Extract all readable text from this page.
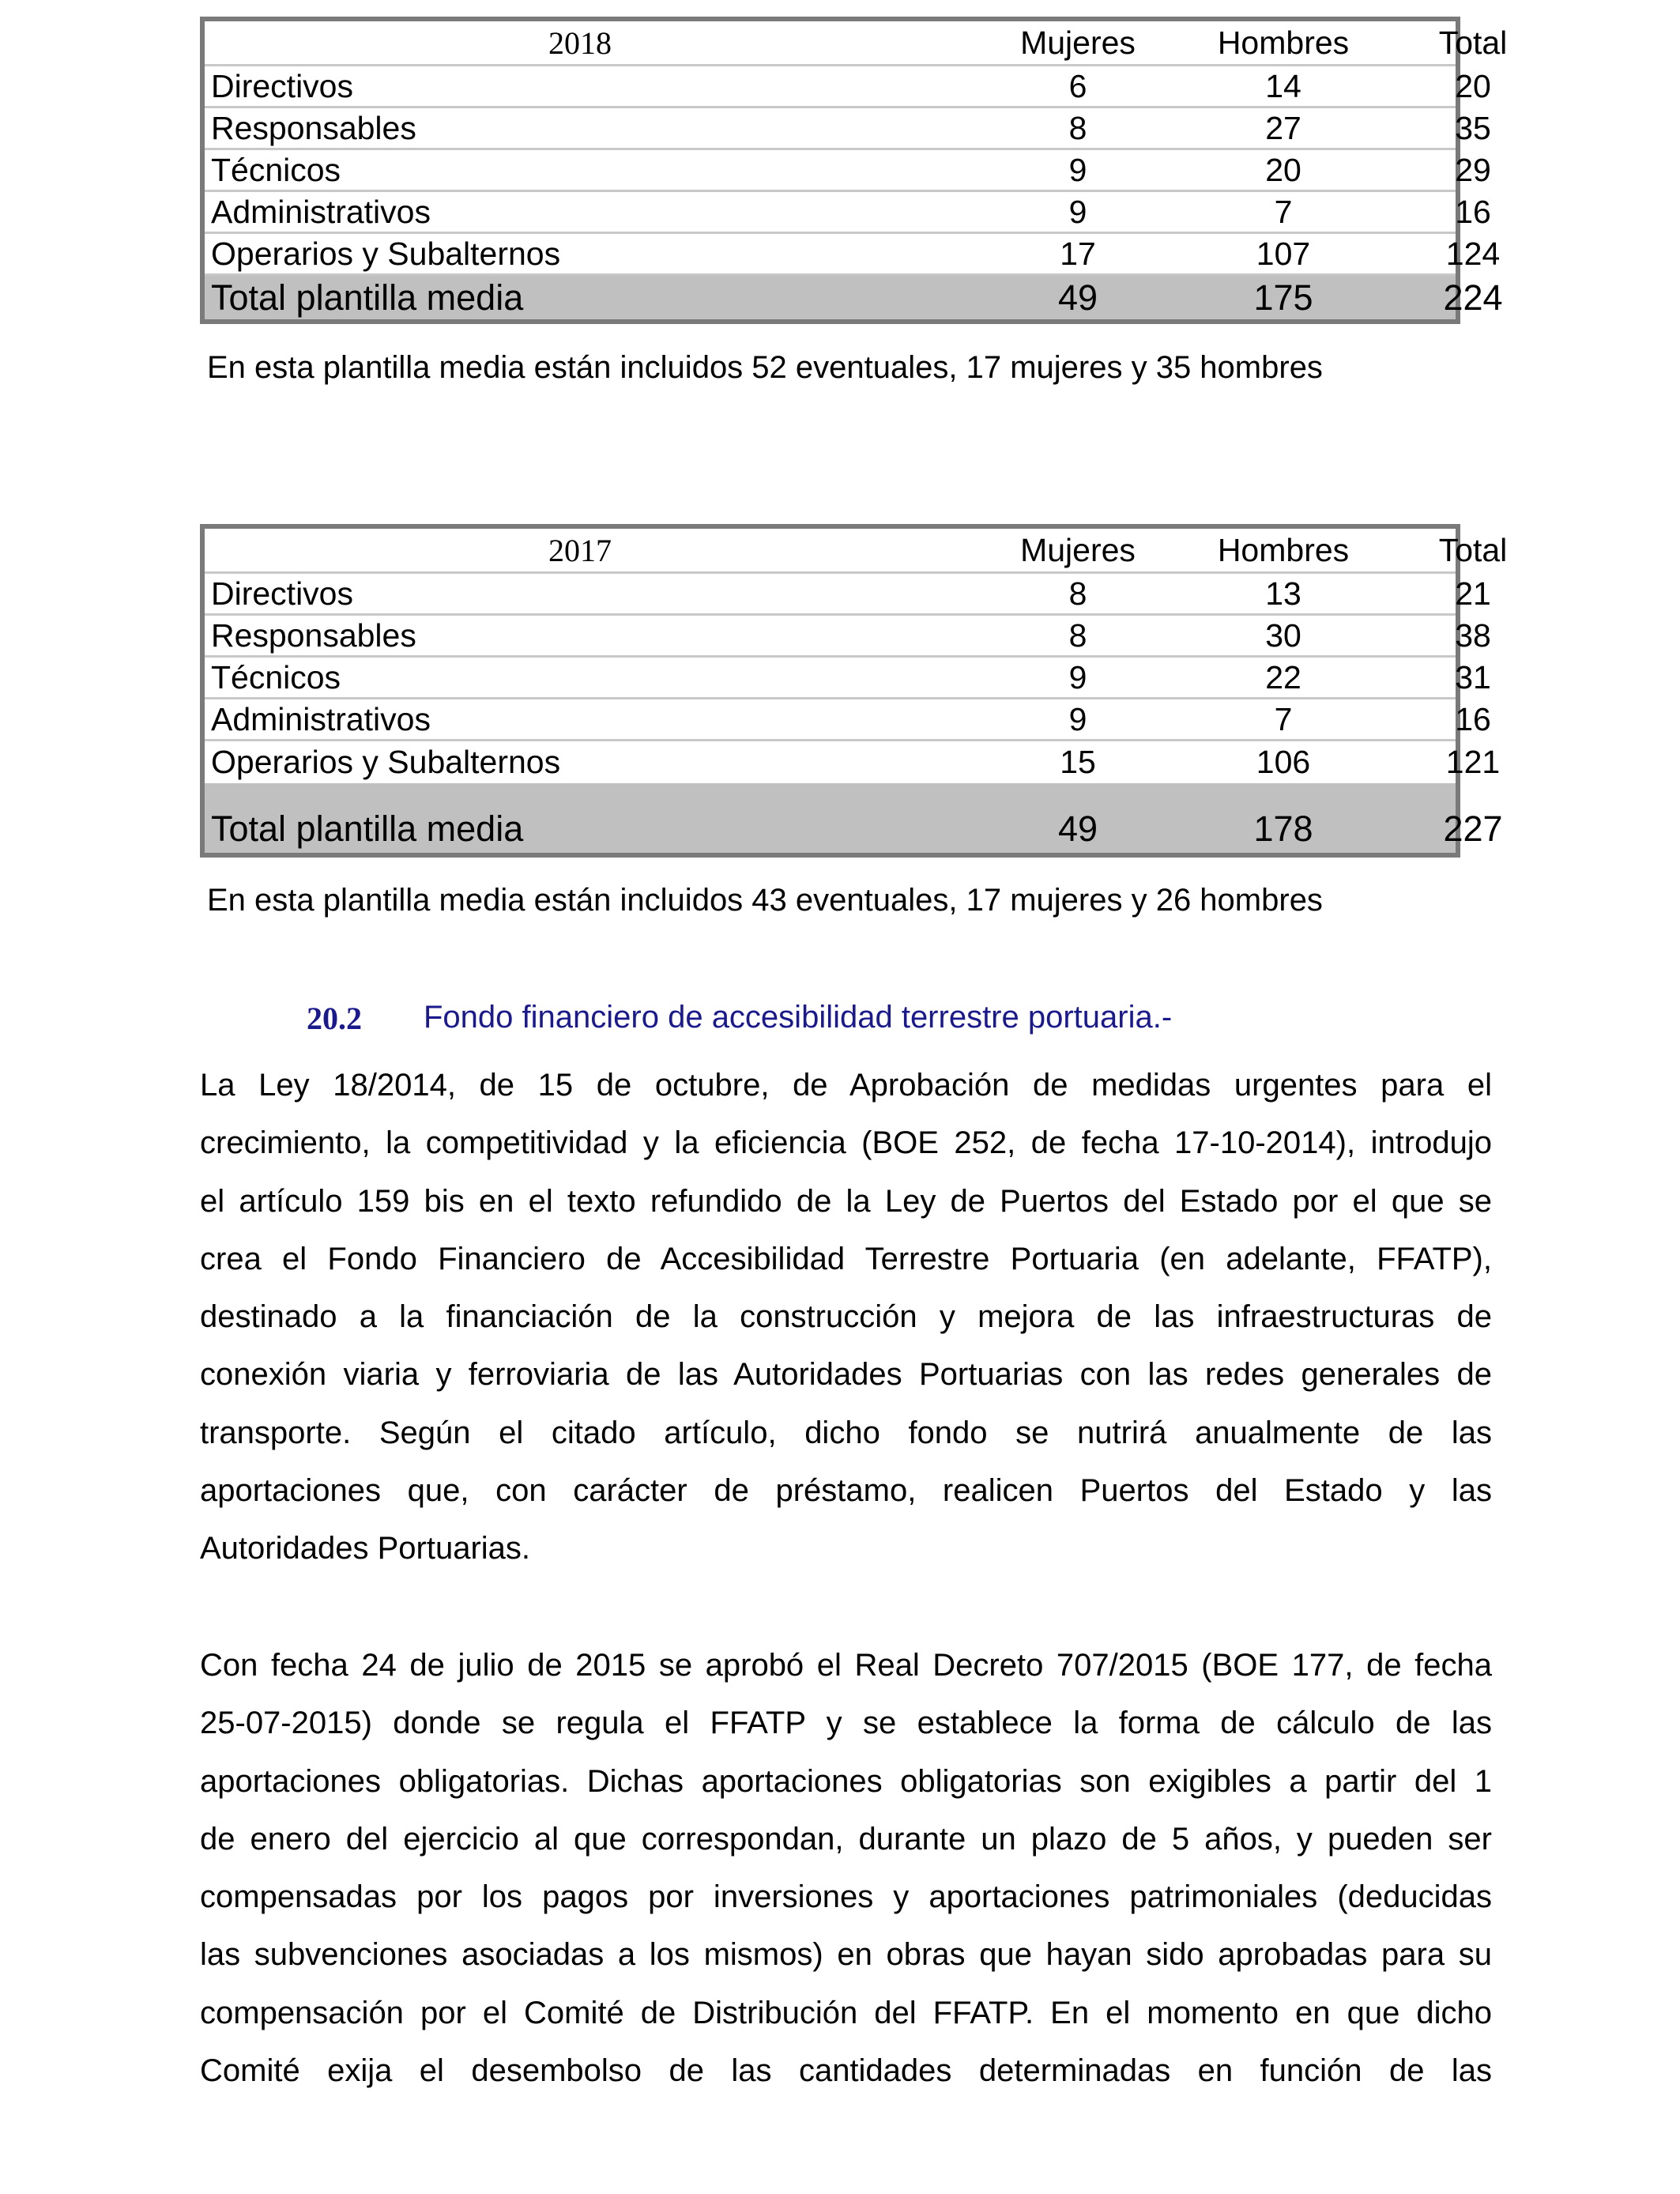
2018	Mujeres	Hombres	Total
Directivos	6	14	20
Responsables	8	27	35
Técnicos	9	20	29
Administrativos	9	7	16
Operarios y Subalternos	17	107	124
Total plantilla media	49	175	224
En esta plantilla media están incluidos 52 eventuales, 17 mujeres y 35 hombres
2017	Mujeres	Hombres	Total
Directivos	8	13	21
Responsables	8	30	38
Técnicos	9	22	31
Administrativos	9	7	16
Operarios y Subalternos	15	106	121
Total plantilla media	49	178	227
En esta plantilla media están incluidos 43 eventuales, 17 mujeres y 26 hombres
20.2 Fondo financiero de accesibilidad terrestre portuaria.-
La Ley 18/2014, de 15 de octubre, de Aprobación de medidas urgentes para el
crecimiento, la competitividad y la eficiencia (BOE 252, de fecha 17-10-2014), introdujo
el artículo 159 bis en el texto refundido de la Ley de Puertos del Estado por el que se
crea el Fondo Financiero de Accesibilidad Terrestre Portuaria (en adelante, FFATP),
destinado a la financiación de la construcción y mejora de las infraestructuras de
conexión viaria y ferroviaria de las Autoridades Portuarias con las redes generales de
transporte. Según el citado artículo, dicho fondo se nutrirá anualmente de las
aportaciones que, con carácter de préstamo, realicen Puertos del Estado y las
Autoridades Portuarias.
Con fecha 24 de julio de 2015 se aprobó el Real Decreto 707/2015 (BOE 177, de fecha
25-07-2015) donde se regula el FFATP y se establece la forma de cálculo de las
aportaciones obligatorias. Dichas aportaciones obligatorias son exigibles a partir del 1
de enero del ejercicio al que correspondan, durante un plazo de 5 años, y pueden ser
compensadas por los pagos por inversiones y aportaciones patrimoniales (deducidas
las subvenciones asociadas a los mismos) en obras que hayan sido aprobadas para su
compensación por el Comité de Distribución del FFATP. En el momento en que dicho
Comité exija el desembolso de las cantidades determinadas en función de las
